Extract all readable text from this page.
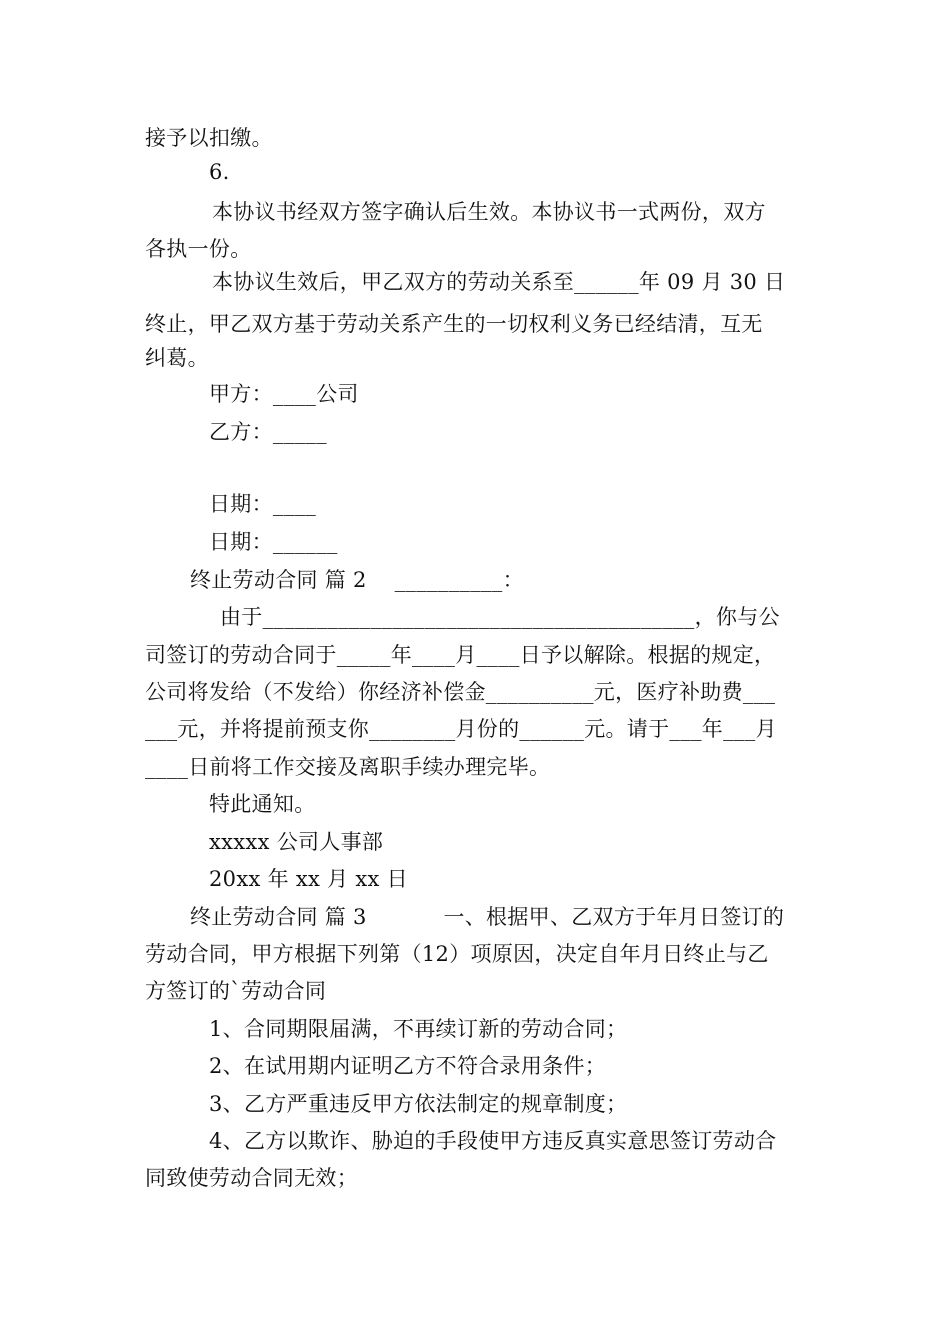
接予以扣缴。
6.
本协议书经双方签字确认后生效。本协议书一式两份，双方
各执一份。
本协议生效后，甲乙双方的劳动关系至______年 09 月 30 日
终止，甲乙双方基于劳动关系产生的一切权利义务已经结清，互无
纠葛。
甲方：____公司
乙方：_____
日期：____
日期：______
终止劳动合同 篇 2    __________：
由于________________________________________，你与公
司签订的劳动合同于_____年____月____日予以解除。根据的规定，
公司将发给（不发给）你经济补偿金__________元，医疗补助费___
___元，并将提前预支你________月份的______元。请于___年___月
____日前将工作交接及离职手续办理完毕。
特此通知。
xxxxx 公司人事部
20xx 年 xx 月 xx 日
终止劳动合同 篇 3           一、根据甲、乙双方于年月日签订的
劳动合同，甲方根据下列第（12）项原因，决定自年月日终止与乙
方签订的`劳动合同
1、合同期限届满，不再续订新的劳动合同；
2、在试用期内证明乙方不符合录用条件；
3、乙方严重违反甲方依法制定的规章制度；
4、乙方以欺诈、胁迫的手段使甲方违反真实意思签订劳动合
同致使劳动合同无效；
